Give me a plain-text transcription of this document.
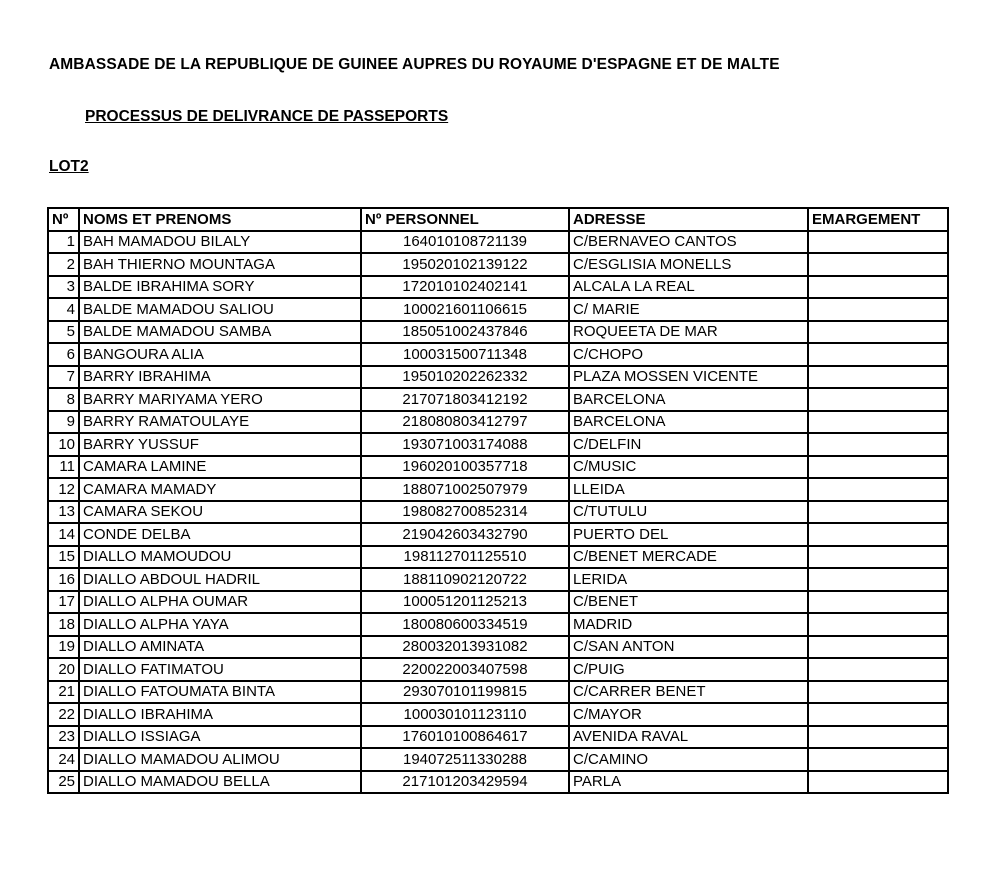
AMBASSADE DE LA REPUBLIQUE DE GUINEE AUPRES DU ROYAUME D'ESPAGNE ET DE MALTE
PROCESSUS DE DELIVRANCE DE PASSEPORTS
LOT2
Nº	NOMS ET PRENOMS	Nº PERSONNEL	ADRESSE	EMARGEMENT
1	BAH MAMADOU BILALY	164010108721139	C/BERNAVEO CANTOS	
2	BAH THIERNO MOUNTAGA	195020102139122	C/ESGLISIA MONELLS	
3	BALDE IBRAHIMA SORY	172010102402141	ALCALA LA REAL	
4	BALDE MAMADOU SALIOU	100021601106615	C/ MARIE	
5	BALDE MAMADOU SAMBA	185051002437846	ROQUEETA DE MAR	
6	BANGOURA ALIA	100031500711348	C/CHOPO	
7	BARRY IBRAHIMA	195010202262332	PLAZA MOSSEN VICENTE	
8	BARRY MARIYAMA YERO	217071803412192	BARCELONA	
9	BARRY RAMATOULAYE	218080803412797	BARCELONA	
10	BARRY YUSSUF	193071003174088	C/DELFIN	
11	CAMARA LAMINE	196020100357718	C/MUSIC	
12	CAMARA MAMADY	188071002507979	LLEIDA	
13	CAMARA SEKOU	198082700852314	C/TUTULU	
14	CONDE DELBA	219042603432790	PUERTO DEL	
15	DIALLO MAMOUDOU	198112701125510	C/BENET MERCADE	
16	DIALLO ABDOUL HADRIL	188110902120722	LERIDA	
17	DIALLO ALPHA OUMAR	100051201125213	C/BENET	
18	DIALLO ALPHA YAYA	180080600334519	MADRID	
19	DIALLO AMINATA	280032013931082	C/SAN ANTON	
20	DIALLO FATIMATOU	220022003407598	C/PUIG	
21	DIALLO FATOUMATA BINTA	293070101199815	C/CARRER BENET	
22	DIALLO IBRAHIMA	100030101123110	C/MAYOR	
23	DIALLO ISSIAGA	176010100864617	AVENIDA RAVAL	
24	DIALLO MAMADOU ALIMOU	194072511330288	C/CAMINO	
25	DIALLO MAMADOU BELLA	217101203429594	PARLA	
